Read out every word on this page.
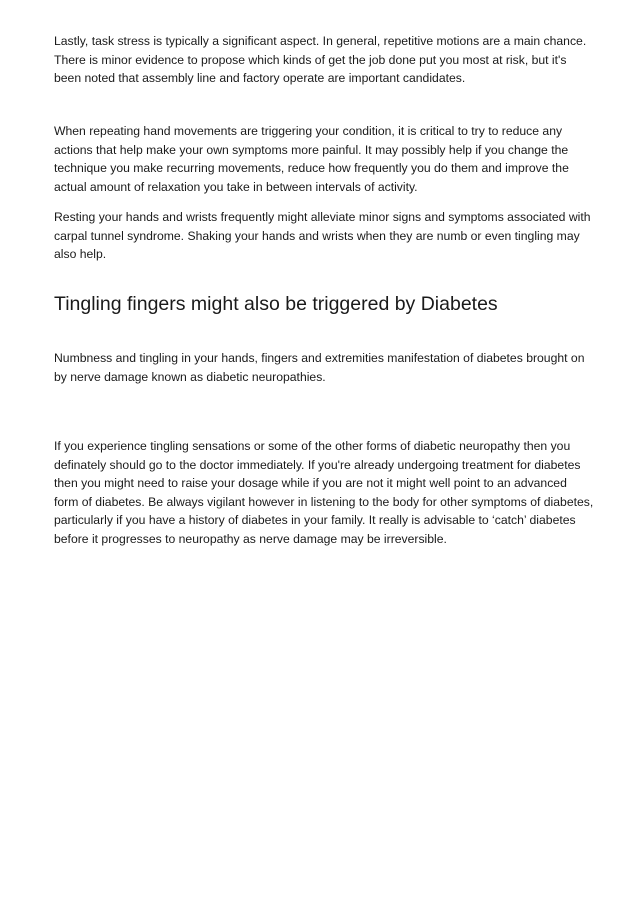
Lastly, task stress is typically a significant aspect. In general, repetitive motions are a main chance. There is minor evidence to propose which kinds of get the job done put you most at risk, but it's been noted that assembly line and factory operate are important candidates.

When repeating hand movements are triggering your condition, it is critical to try to reduce any actions that help make your own symptoms more painful. It may possibly help if you change the technique you make recurring movements, reduce how frequently you do them and improve the actual amount of relaxation you take in between intervals of activity.

Resting your hands and wrists frequently might alleviate minor signs and symptoms associated with carpal tunnel syndrome. Shaking your hands and wrists when they are numb or even tingling may also help.

Tingling fingers might also be triggered by Diabetes

Numbness and tingling in your hands, fingers and extremities manifestation of diabetes brought on by nerve damage known as diabetic neuropathies.

If you experience tingling sensations or some of the other forms of diabetic neuropathy then you definately should go to the doctor immediately. If you're already undergoing treatment for diabetes then you might need to raise your dosage while if you are not it might well point to an advanced form of diabetes. Be always vigilant however in listening to the body for other symptoms of diabetes, particularly if you have a history of diabetes in your family. It really is advisable to ‘catch’ diabetes before it progresses to neuropathy as nerve damage may be irreversible.
